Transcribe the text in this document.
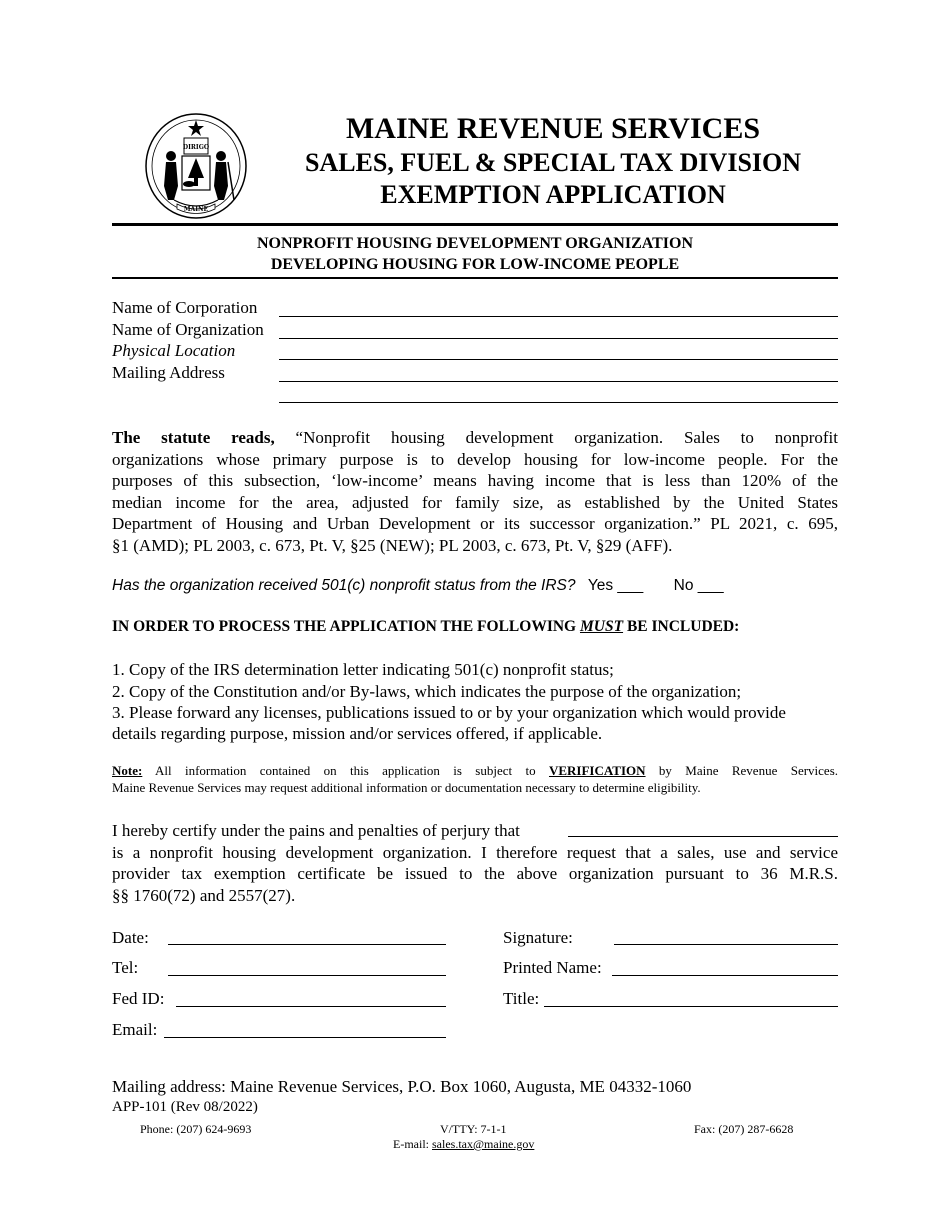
DIRIGO
MAINE
MAINE REVENUE SERVICES
SALES, FUEL & SPECIAL TAX DIVISION
EXEMPTION APPLICATION
NONPROFIT HOUSING DEVELOPMENT ORGANIZATION
DEVELOPING HOUSING FOR LOW-INCOME PEOPLE
Name of Corporation
Name of Organization
Physical Location
Mailing Address
The statute reads, “Nonprofit housing development organization. Sales to nonprofit
organizations whose primary purpose is to develop housing for low-income people. For the
purposes of this subsection, ‘low-income’ means having income that is less than 120% of the
median income for the area, adjusted for family size, as established by the United States
Department of Housing and Urban Development or its successor organization.” PL 2021, c. 695,
§1 (AMD); PL 2003, c. 673, Pt. V, §25 (NEW); PL 2003, c. 673, Pt. V, §29 (AFF).
Has the organization received 501(c) nonprofit status from the IRS? Yes ___ No ___
IN ORDER TO PROCESS THE APPLICATION THE FOLLOWING MUST BE INCLUDED:
1. Copy of the IRS determination letter indicating 501(c) nonprofit status;
2. Copy of the Constitution and/or By-laws, which indicates the purpose of the organization;
3. Please forward any licenses, publications issued to or by your organization which would provide
details regarding purpose, mission and/or services offered, if applicable.
Note: All information contained on this application is subject to VERIFICATION by Maine Revenue Services.
Maine Revenue Services may request additional information or documentation necessary to determine eligibility.
I hereby certify under the pains and penalties of perjury that
is a nonprofit housing development organization. I therefore request that a sales, use and service
provider tax exemption certificate be issued to the above organization pursuant to 36 M.R.S.
§§ 1760(72) and 2557(27).
Date:
Tel:
Fed ID:
Email:
Signature:
Printed Name:
Title:
Mailing address: Maine Revenue Services, P.O. Box 1060, Augusta, ME 04332-1060
APP-101 (Rev 08/2022)
Phone: (207) 624-9693	V/TTY: 7-1-1	Fax: (207) 287-6628
E-mail: sales.tax@maine.gov
